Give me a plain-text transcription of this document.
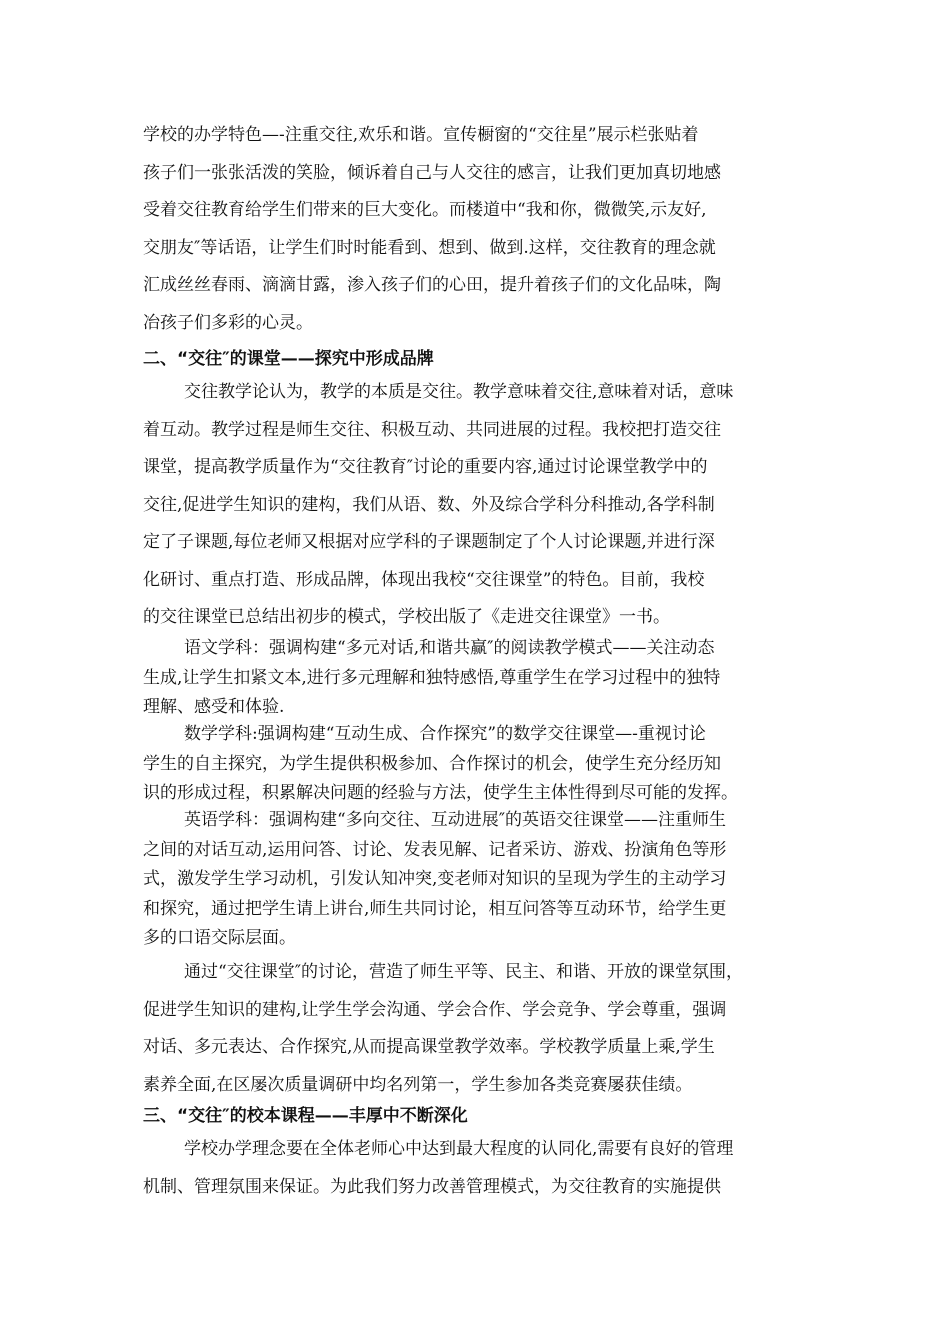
学校的办学特色—-注重交往,欢乐和谐。宣传橱窗的“交往星”展示栏张贴着
孩子们一张张活泼的笑脸，倾诉着自己与人交往的感言，让我们更加真切地感
受着交往教育给学生们带来的巨大变化。而楼道中“我和你，微微笑,示友好,
交朋友″等话语，让学生们时时能看到、想到、做到.这样，交往教育的理念就
汇成丝丝春雨、滴滴甘露，渗入孩子们的心田，提升着孩子们的文化品味，陶
冶孩子们多彩的心灵。
二、“交往″的课堂——探究中形成品牌
交往教学论认为，教学的本质是交往。教学意味着交往,意味着对话，意味
着互动。教学过程是师生交往、积极互动、共同进展的过程。我校把打造交往
课堂，提高教学质量作为“交往教育″讨论的重要内容,通过讨论课堂教学中的
交往,促进学生知识的建构，我们从语、数、外及综合学科分科推动,各学科制
定了子课题,每位老师又根据对应学科的子课题制定了个人讨论课题,并进行深
化研讨、重点打造、形成品牌，体现出我校“交往课堂”的特色。目前，我校
的交往课堂已总结出初步的模式，学校出版了《走进交往课堂》一书。
语文学科：强调构建“多元对话,和谐共赢″的阅读教学模式——关注动态
生成,让学生扣紧文本,进行多元理解和独特感悟,尊重学生在学习过程中的独特
理解、感受和体验.
数学学科:强调构建“互动生成、合作探究”的数学交往课堂—-重视讨论
学生的自主探究，为学生提供积极参加、合作探讨的机会，使学生充分经历知
识的形成过程，积累解决问题的经验与方法，使学生主体性得到尽可能的发挥。
英语学科：强调构建“多向交往、互动进展″的英语交往课堂——注重师生
之间的对话互动,运用问答、讨论、发表见解、记者采访、游戏、扮演角色等形
式，激发学生学习动机，引发认知冲突,变老师对知识的呈现为学生的主动学习
和探究，通过把学生请上讲台,师生共同讨论，相互问答等互动环节，给学生更
多的口语交际层面。
通过“交往课堂″的讨论，营造了师生平等、民主、和谐、开放的课堂氛围，
促进学生知识的建构,让学生学会沟通、学会合作、学会竞争、学会尊重，强调
对话、多元表达、合作探究,从而提高课堂教学效率。学校教学质量上乘,学生
素养全面,在区屡次质量调研中均名列第一，学生参加各类竞赛屡获佳绩。
三、“交往″的校本课程——丰厚中不断深化
学校办学理念要在全体老师心中达到最大程度的认同化,需要有良好的管理
机制、管理氛围来保证。为此我们努力改善管理模式，为交往教育的实施提供
